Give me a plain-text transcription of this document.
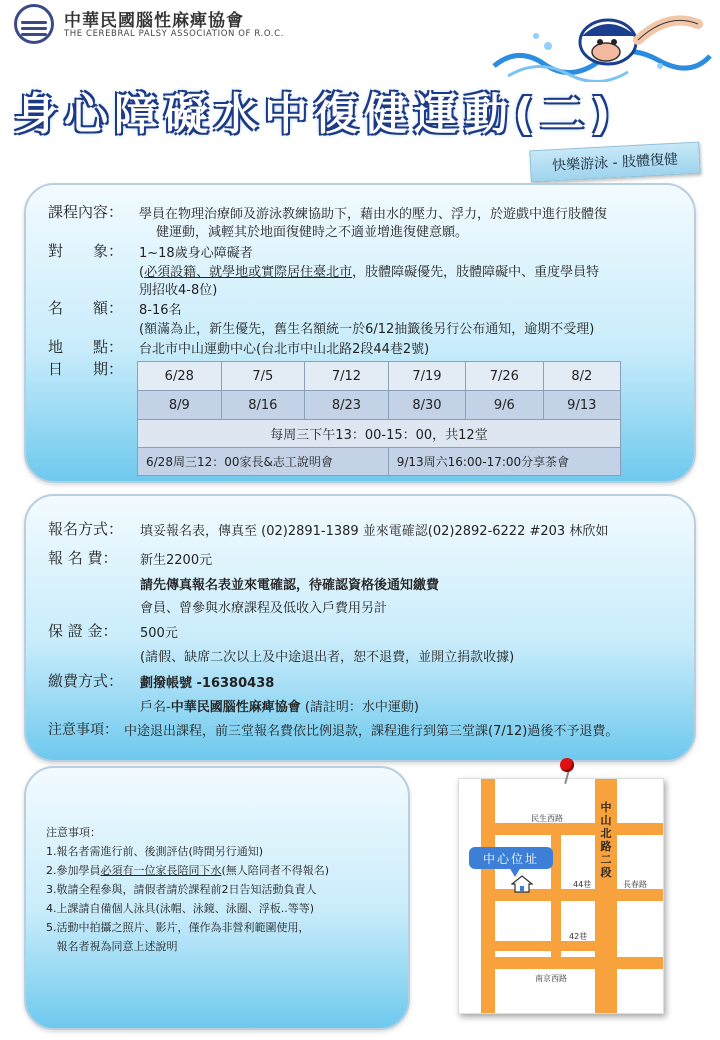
中華民國腦性麻痺協會
THE CEREBRAL PALSY ASSOCIATION OF R.O.C.
身心障礙水中復健運動(二)
快樂游泳 - 肢體復健
課程內容： 學員在物理治療師及游泳教練協助下，藉由水的壓力、浮力，於遊戲中進行肢體復
健運動，減輕其於地面復健時之不適並增進復健意願。
對　　象： 1~18歲身心障礙者
(必須設籍、就學地或實際居住臺北市，肢體障礙優先，肢體障礙中、重度學員特
別招收4-8位)
名　　額： 8-16名
(額滿為止，新生優先，舊生名額統一於6/12抽籤後另行公布通知，逾期不受理)
地　　點： 台北市中山運動中心(台北市中山北路2段44巷2號)
日　　期：	6/28	7/5	7/12	7/19	7/26	8/2
8/9	8/16	8/23	8/30	9/6	9/13
每周三下午13：00-15：00，共12堂					
6/28周三12：00家長&志工說明會			9/13周六16:00-17:00分享茶會		
報名方式： 填妥報名表，傳真至 (02)2891-1389 並來電確認(02)2892-6222 #203 林欣如
報 名 費： 新生2200元
請先傳真報名表並來電確認，待確認資格後通知繳費
會員、曾參與水療課程及低收入戶費用另計
保 證 金： 500元
(請假、缺席二次以上及中途退出者，恕不退費，並開立捐款收據)
繳費方式： 劃撥帳號 -16380438
戶名-中華民國腦性麻痺協會 (請註明：水中運動)
注意事項： 中途退出課程，前三堂報名費依比例退款，課程進行到第三堂課(7/12)過後不予退費。
注意事項：
1.報名者需進行前、後測評估(時間另行通知)
2.參加學員必須有一位家長陪同下水(無人陪同者不得報名)
3.敬請全程參與，請假者請於課程前2日告知活動負責人
4.上課請自備個人泳具(泳帽、泳鏡、泳圈、浮板..等等)
5.活動中拍攝之照片、影片，僅作為非營利範圍使用，
報名者視為同意上述說明
民生西路
44巷	長春路
42巷
南京西路
中山北路二段
中心位址
